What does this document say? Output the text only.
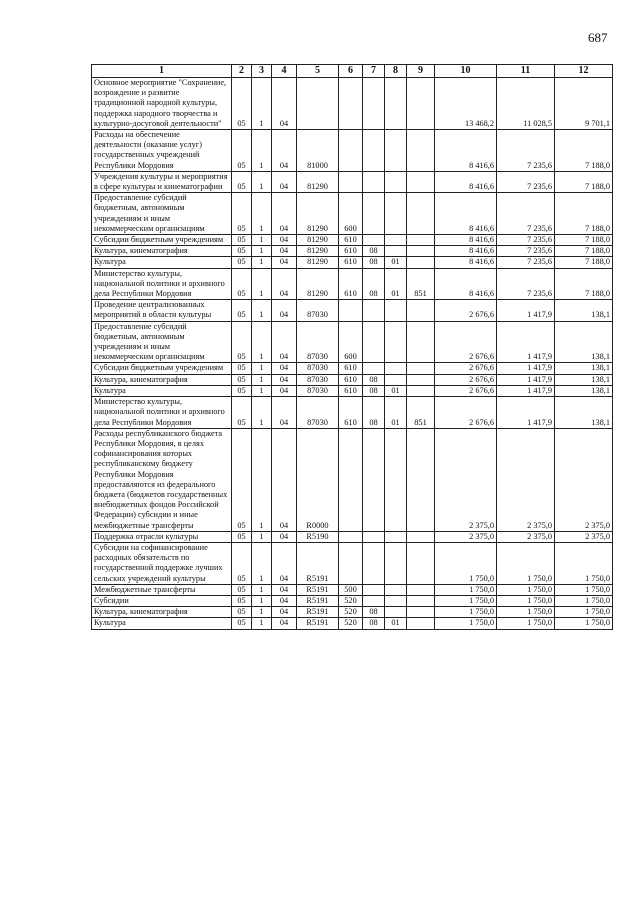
687
1	2	3	4	5	6	7	8	9	10	11	12
Основное мероприятие "Сохранение, возрождение и развитие традиционной народной культуры, поддержка народного творчества и культурно-досуговой деятельности"	05	1	04						13 468,2	11 028,5	9 701,1
Расходы на обеспечение деятельности (оказание услуг) государственных учреждений Республики Мордовия	05	1	04	81000					8 416,6	7 235,6	7 188,0
Учреждения культуры и мероприятия в сфере культуры и кинематографии	05	1	04	81290					8 416,6	7 235,6	7 188,0
Предоставление субсидий бюджетным, автономным учреждениям и иным некоммерческим организациям	05	1	04	81290	600				8 416,6	7 235,6	7 188,0
Субсидии бюджетным учреждениям	05	1	04	81290	610				8 416,6	7 235,6	7 188,0
Культура, кинематография	05	1	04	81290	610	08			8 416,6	7 235,6	7 188,0
Культура	05	1	04	81290	610	08	01		8 416,6	7 235,6	7 188,0
Министерство культуры, национальной политики и архивного дела Республики Мордовия	05	1	04	81290	610	08	01	851	8 416,6	7 235,6	7 188,0
Проведение централизованных мероприятий в области культуры	05	1	04	87030					2 676,6	1 417,9	138,1
Предоставление субсидий бюджетным, автономным учреждениям и иным некоммерческим организациям	05	1	04	87030	600				2 676,6	1 417,9	138,1
Субсидии бюджетным учреждениям	05	1	04	87030	610				2 676,6	1 417,9	138,1
Культура, кинематография	05	1	04	87030	610	08			2 676,6	1 417,9	138,1
Культура	05	1	04	87030	610	08	01		2 676,6	1 417,9	138,1
Министерство культуры, национальной политики и архивного дела Республики Мордовия	05	1	04	87030	610	08	01	851	2 676,6	1 417,9	138,1
Расходы республиканского бюджета Республики Мордовия, в целях софинансирования которых республиканскому бюджету Республики Мордовия предоставляются из федерального бюджета (бюджетов государственных внебюджетных фондов Российской Федерации) субсидии и иные межбюджетные трансферты	05	1	04	R0000					2 375,0	2 375,0	2 375,0
Поддержка отрасли культуры	05	1	04	R5190					2 375,0	2 375,0	2 375,0
Субсидии на софинансирование расходных обязательств по государственной поддержке лучших сельских учреждений культуры	05	1	04	R5191					1 750,0	1 750,0	1 750,0
Межбюджетные трансферты	05	1	04	R5191	500				1 750,0	1 750,0	1 750,0
Субсидии	05	1	04	R5191	520				1 750,0	1 750,0	1 750,0
Культура, кинематография	05	1	04	R5191	520	08			1 750,0	1 750,0	1 750,0
Культура	05	1	04	R5191	520	08	01		1 750,0	1 750,0	1 750,0
